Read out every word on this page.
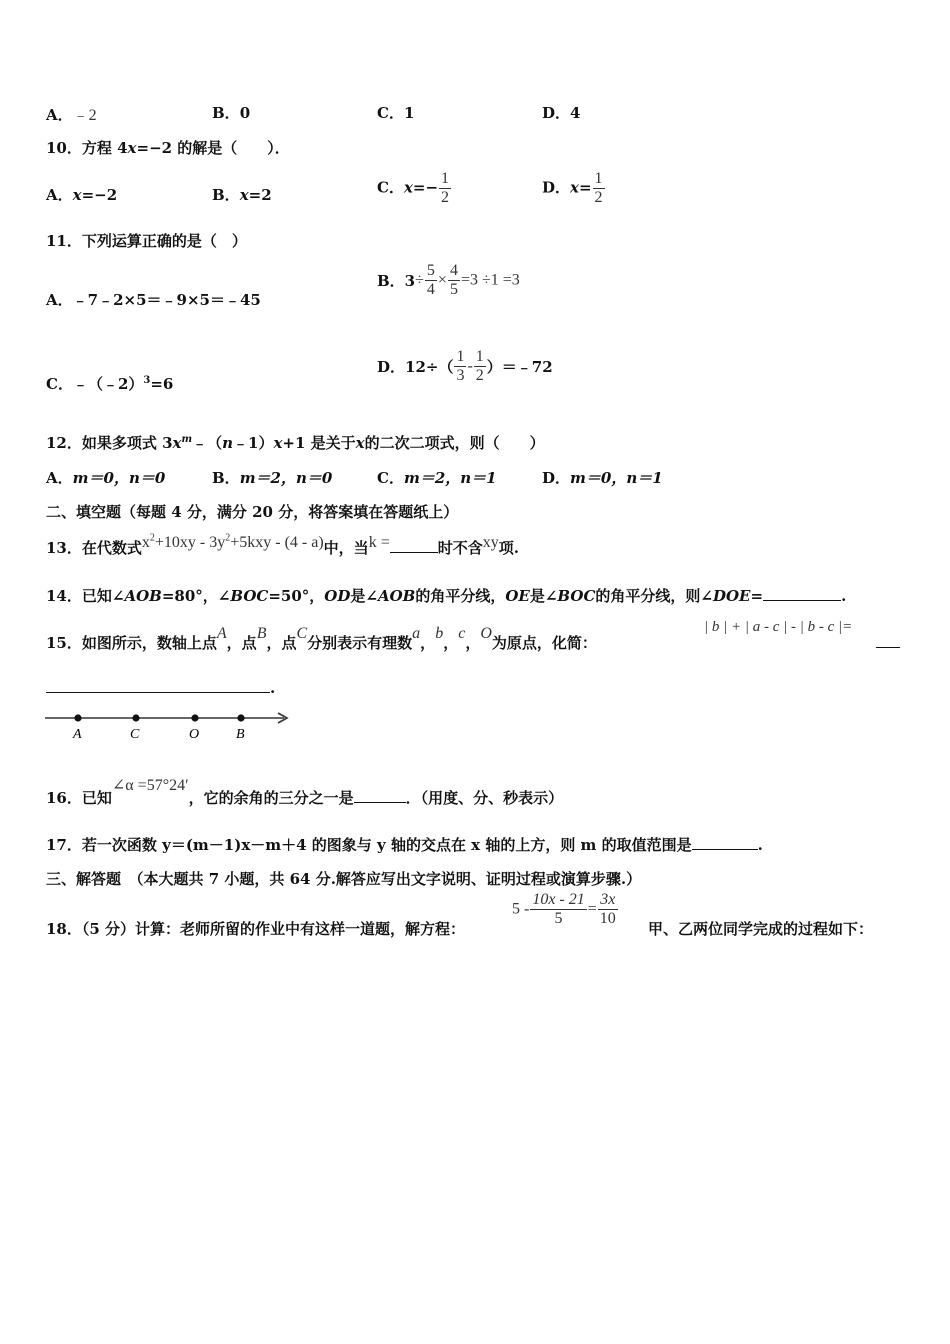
A．﹣2	B．0	C．1	D．4
10．方程 4x=−2 的解是（　　）．
A．x=−2	B．x=2	C．$x=- \frac{1}{2}$	D．$x= \frac{1}{2}$
11．下列运算正确的是（　）
A．﹣7﹣2×5＝﹣9×5＝﹣45
B．$3\div \frac{5}{4} \times \frac{4}{5} =3 \div 1 =3$
C．﹣（﹣2）$^3$=6
D．$12\div( \frac{1}{3} - \frac{1}{2}$ ）＝﹣72
12．如果多项式 $3x^m﹣(n﹣1)x+1$ 是关于x的二次二项式，则（　　）
A．m＝0，n＝0	B．m＝2，n＝0	C．m＝2，n＝1	D．m＝0，n＝1
二、填空题（每题 4 分，满分 20 分，将答案填在答题纸上）
13．在代数式$x^2+10xy - 3y^2+5kxy - (4 - a)$中，当k =	时不含xy项.
14．已知∠AOB=80°，∠BOC=50°，OD是∠AOB的角平分线，OE是∠BOC的角平分线，则∠DOE=	.
15．如图所示，数轴上点A，点B，点C分别表示有理数a，b，c，O为原点，化简：
| b | + | a - c | - | b - c |=
.
A	C	O	B
16．已知∠α =57°24′，它的余角的三分之一是	．（用度、分、秒表示）
17．若一次函数 y＝(m－1)x－m＋4 的图象与 y 轴的交点在 x 轴的上方，则 m 的取值范围是	.
三、解答题　（本大题共 7 小题，共 64 分.解答应写出文字说明、证明过程或演算步骤.）
18．（5 分）计算：老师所留的作业中有这样一道题，解方程：
$5 - \frac{10x - 21}{5} = \frac{3x}{10}$
甲、乙两位同学完成的过程如下：
